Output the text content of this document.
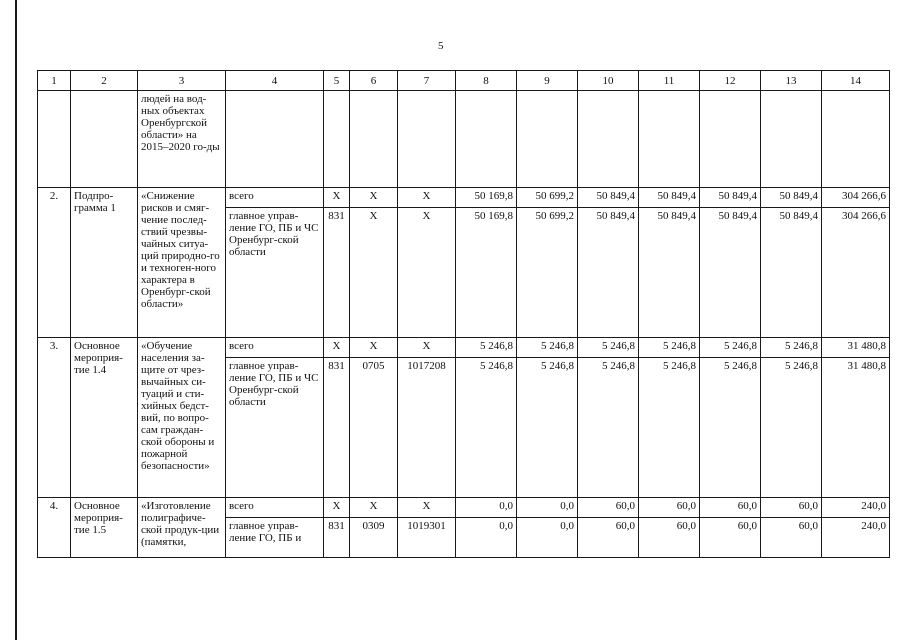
5
1	2	3	4	5	6	7	8	9	10	11	12	13	14
		людей на вод-ных объектах Оренбургской области» на 2015–2020 го-ды											
2.	Подпро-грамма 1	«Снижение рисков и смяг-чение послед-ствий чрезвы-чайных ситуа-ций природно-го и техноген-ного характера в Оренбург-ской области»	всего	Х	Х	Х	50 169,8	50 699,2	50 849,4	50 849,4	50 849,4	50 849,4	304 266,6
			главное управ-ление ГО, ПБ и ЧС Оренбург-ской области	831	Х	Х	50 169,8	50 699,2	50 849,4	50 849,4	50 849,4	50 849,4	304 266,6
3.	Основное мероприя-тие 1.4	«Обучение населения за-щите от чрез-вычайных си-туаций и сти-хийных бедст-вий, по вопро-сам граждан-ской обороны и пожарной безопасности»	всего	Х	Х	Х	5 246,8	5 246,8	5 246,8	5 246,8	5 246,8	5 246,8	31 480,8
			главное управ-ление ГО, ПБ и ЧС Оренбург-ской области	831	0705	1017208	5 246,8	5 246,8	5 246,8	5 246,8	5 246,8	5 246,8	31 480,8
4.	Основное мероприя-тие 1.5	«Изготовление полиграфиче-ской продук-ции (памятки,	всего	Х	Х	Х	0,0	0,0	60,0	60,0	60,0	60,0	240,0
			главное управ-ление ГО, ПБ и	831	0309	1019301	0,0	0,0	60,0	60,0	60,0	60,0	240,0
